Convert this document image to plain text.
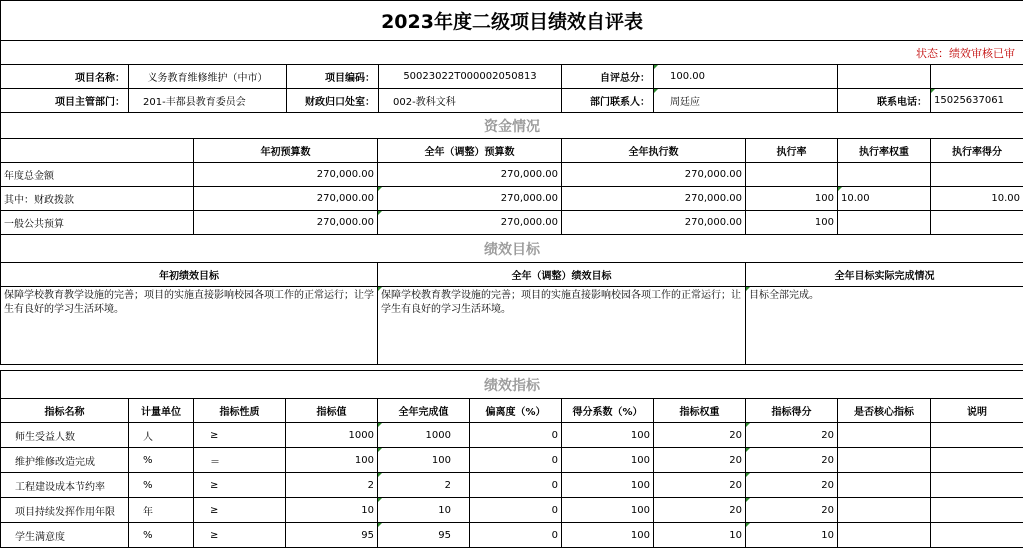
2023年度二级项目绩效自评表							
状态：绩效审核已审							
项目名称：	义务教育维修维护（中市）	项目编码：	50023022T000002050813	自评总分：	100.00		
项目主管部门：	201-丰都县教育委员会	财政归口处室：	002-教科文科	部门联系人：	周廷应	联系电话：	15025637061
资金情况						
	年初预算数	全年（调整）预算数	全年执行数	执行率	执行率权重	执行率得分
年度总金额	270,000.00	270,000.00	270,000.00			
其中：财政拨款	270,000.00	270,000.00	270,000.00	100	10.00	10.00
一般公共预算	270,000.00	270,000.00	270,000.00	100		
绩效目标						
年初绩效目标		全年（调整）绩效目标		全年目标实际完成情况		
保障学校教育教学设施的完善；项目的实施直接影响校园各项工作的正常运行；让学生有良好的学习生活环境。		保障学校教育教学设施的完善；项目的实施直接影响校园各项工作的正常运行；让学生有良好的学习生活环境。		目标全部完成。		
绩效指标										
指标名称	计量单位	指标性质	指标值	全年完成值	偏离度（%）	得分系数（%）	指标权重	指标得分	是否核心指标	说明
师生受益人数	人	≥	1000	1000	0	100	20	20		
维护维修改造完成	%	＝	100	100	0	100	20	20		
工程建设成本节约率	%	≥	2	2	0	100	20	20		
项目持续发挥作用年限	年	≥	10	10	0	100	20	20		
学生满意度	%	≥	95	95	0	100	10	10		
